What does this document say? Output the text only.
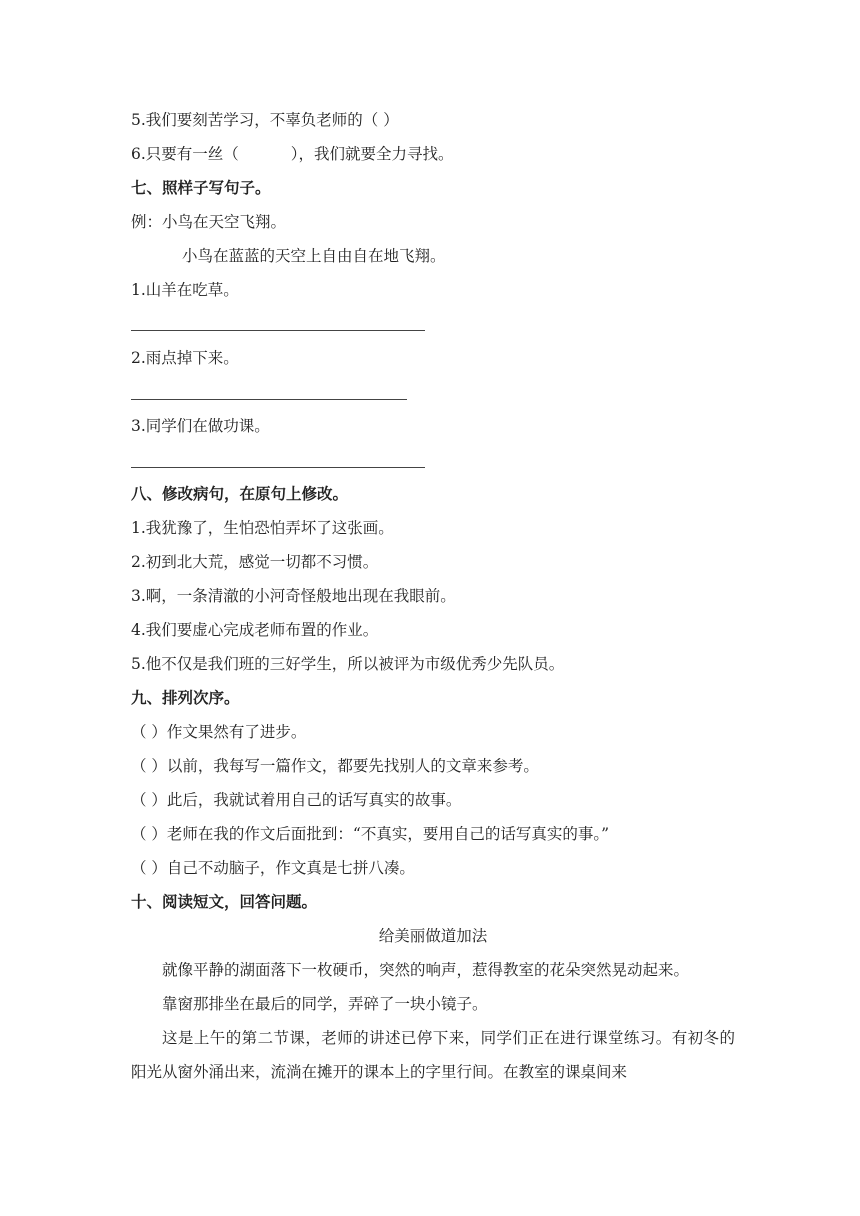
5.我们要刻苦学习，不辜负老师的（ ）
6.只要有一丝（	），我们就要全力寻找。
七、照样子写句子。
例：小鸟在天空飞翔。
小鸟在蓝蓝的天空上自由自在地飞翔。
1.山羊在吃草。
2.雨点掉下来。
3.同学们在做功课。
八、修改病句，在原句上修改。
1.我犹豫了，生怕恐怕弄坏了这张画。
2.初到北大荒，感觉一切都不习惯。
3.啊，一条清澈的小河奇怪般地出现在我眼前。
4.我们要虚心完成老师布置的作业。
5.他不仅是我们班的三好学生，所以被评为市级优秀少先队员。
九、排列次序。
（ ）作文果然有了进步。
（ ）以前，我每写一篇作文，都要先找别人的文章来参考。
（ ）此后，我就试着用自己的话写真实的故事。
（ ）老师在我的作文后面批到：“不真实，要用自己的话写真实的事。”
（ ）自己不动脑子，作文真是七拼八凑。
十、阅读短文，回答问题。
给美丽做道加法
就像平静的湖面落下一枚硬币，突然的响声，惹得教室的花朵突然晃动起来。
靠窗那排坐在最后的同学，弄碎了一块小镜子。
这是上午的第二节课，老师的讲述已停下来，同学们正在进行课堂练习。有初冬的阳光从窗外涌出来，流淌在摊开的课本上的字里行间。在教室的课桌间来
